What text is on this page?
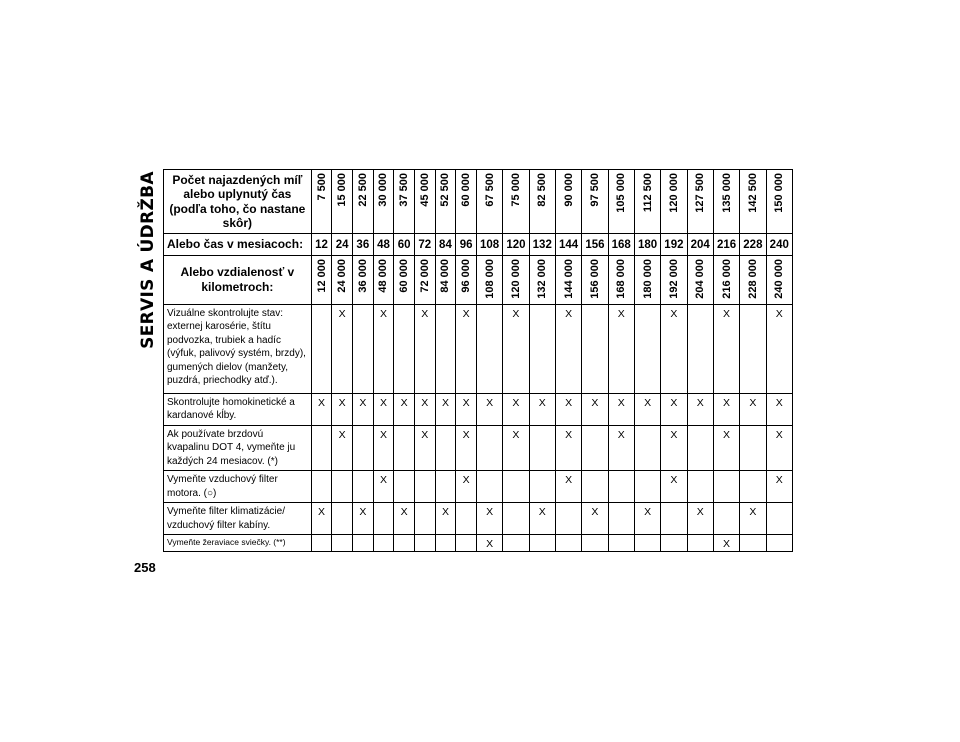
SERVIS A ÚDRŽBA
258
Počet najazdených míľ alebo uplynutý čas (podľa toho, čo nastane skôr)	7 500	15 000	22 500	30 000	37 500	45 000	52 500	60 000	67 500	75 000	82 500	90 000	97 500	105 000	112 500	120 000	127 500	135 000	142 500	150 000
Alebo čas v mesiacoch:	12	24	36	48	60	72	84	96	108	120	132	144	156	168	180	192	204	216	228	240
Alebo vzdialenosť v kilometroch:	12 000	24 000	36 000	48 000	60 000	72 000	84 000	96 000	108 000	120 000	132 000	144 000	156 000	168 000	180 000	192 000	204 000	216 000	228 000	240 000
Vizuálne skontrolujte stav: externej karosérie, štítu podvozka, trubiek a hadíc (výfuk, palivový systém, brzdy), gumených dielov (manžety, puzdrá, priechodky atď.).		X		X		X		X		X		X		X		X		X		X
Skontrolujte homokinetické a kardanové kĺby.	X	X	X	X	X	X	X	X	X	X	X	X	X	X	X	X	X	X	X	X
Ak používate brzdovú kvapalinu DOT 4, vymeňte ju každých 24 mesiacov. (*)		X		X		X		X		X		X		X		X		X		X
Vymeňte vzduchový filter motora. (○)				X				X				X				X				X
Vymeňte filter klimatizácie/ vzduchový filter kabíny.	X		X		X		X		X		X		X		X		X		X	
Vymeňte žeraviace sviečky. (**)									X									X		
